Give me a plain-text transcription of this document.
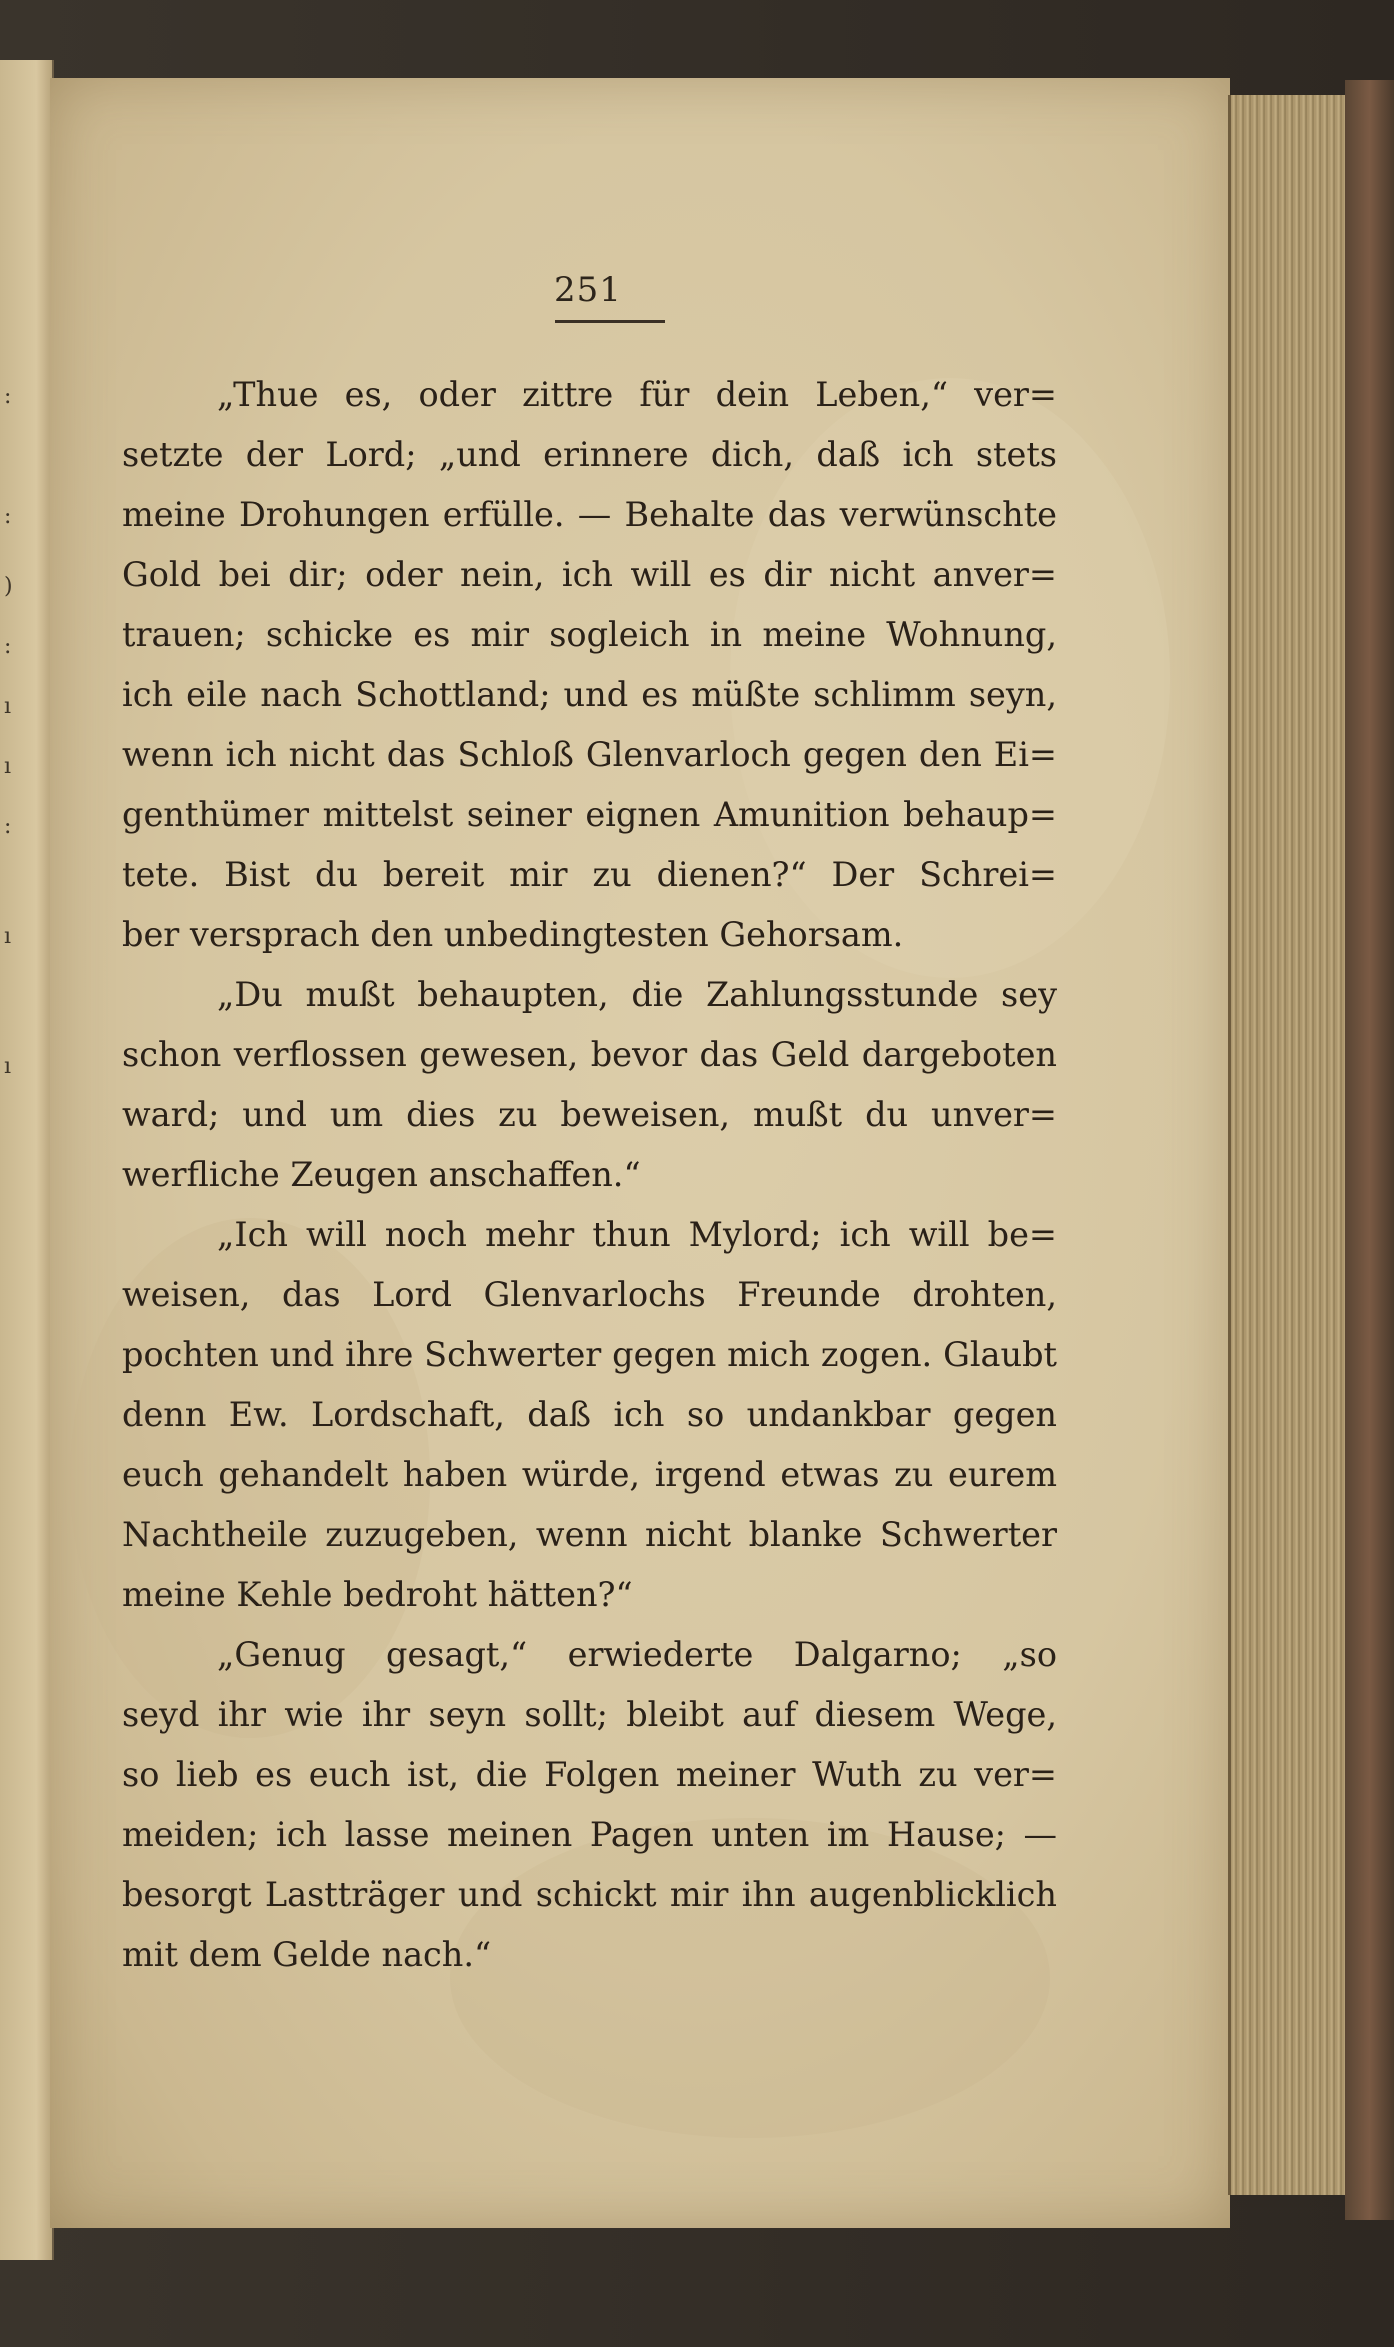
:
:
)
:
ı
ı
:
ı
ı
251
„Thue es, oder zittre für dein Leben,“ ver=
setzte der Lord; „und erinnere dich, daß ich stets
meine Drohungen erfülle. — Behalte das verwünschte
Gold bei dir; oder nein, ich will es dir nicht anver=
trauen; schicke es mir sogleich in meine Wohnung,
ich eile nach Schottland; und es müßte schlimm seyn,
wenn ich nicht das Schloß Glenvarloch gegen den Ei=
genthümer mittelst seiner eignen Amunition behaup=
tete. Bist du bereit mir zu dienen?“ Der Schrei=
ber versprach den unbedingtesten Gehorsam.
„Du mußt behaupten, die Zahlungsstunde sey
schon verflossen gewesen, bevor das Geld dargeboten
ward; und um dies zu beweisen, mußt du unver=
werfliche Zeugen anschaffen.“
„Ich will noch mehr thun Mylord; ich will be=
weisen, das Lord Glenvarlochs Freunde drohten,
pochten und ihre Schwerter gegen mich zogen. Glaubt
denn Ew. Lordschaft, daß ich so undankbar gegen
euch gehandelt haben würde, irgend etwas zu eurem
Nachtheile zuzugeben, wenn nicht blanke Schwerter
meine Kehle bedroht hätten?“
„Genug gesagt,“ erwiederte Dalgarno; „so
seyd ihr wie ihr seyn sollt; bleibt auf diesem Wege,
so lieb es euch ist, die Folgen meiner Wuth zu ver=
meiden; ich lasse meinen Pagen unten im Hause; —
besorgt Lastträger und schickt mir ihn augenblicklich
mit dem Gelde nach.“
